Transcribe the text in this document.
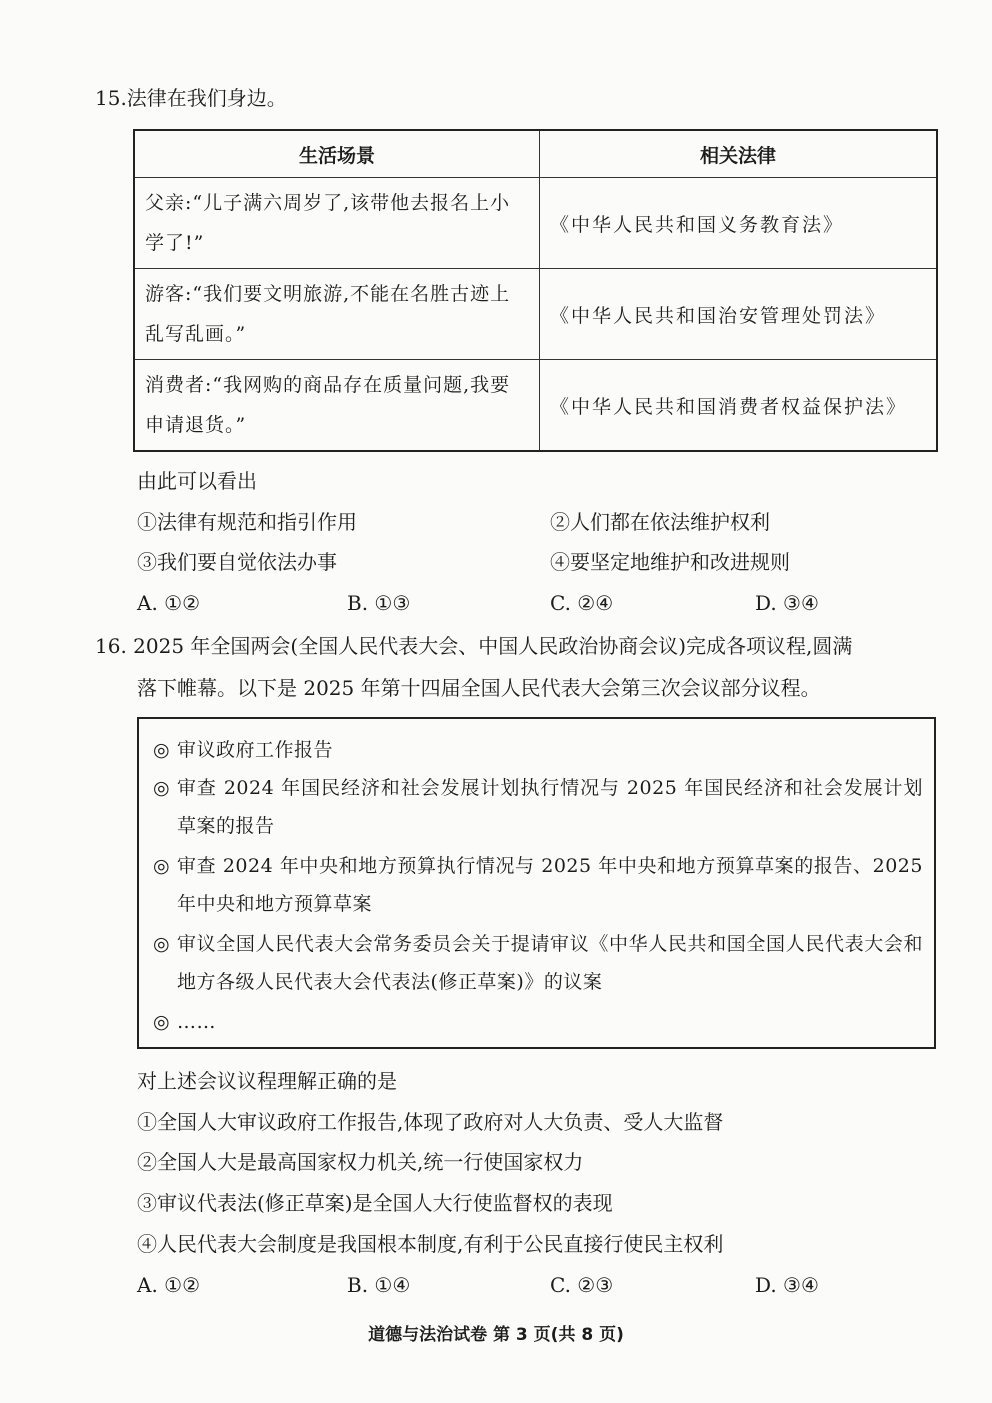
15.法律在我们身边。
生活场景	相关法律
父亲:“儿子满六周岁了,该带他去报名上小学了!”	《中华人民共和国义务教育法》
游客:“我们要文明旅游,不能在名胜古迹上乱写乱画。”	《中华人民共和国治安管理处罚法》
消费者:“我网购的商品存在质量问题,我要申请退货。”	《中华人民共和国消费者权益保护法》
由此可以看出
①法律有规范和指引作用	②人们都在依法维护权利
③我们要自觉依法办事	④要坚定地维护和改进规则
A. ①②	B. ①③	C. ②④	D. ③④
16. 2025 年全国两会(全国人民代表大会、中国人民政治协商会议)完成各项议程,圆满
落下帷幕。以下是 2025 年第十四届全国人民代表大会第三次会议部分议程。
◎ 审议政府工作报告
◎ 审查 2024 年国民经济和社会发展计划执行情况与 2025 年国民经济和社会发展计划草案的报告
◎ 审查 2024 年中央和地方预算执行情况与 2025 年中央和地方预算草案的报告、2025 年中央和地方预算草案
◎ 审议全国人民代表大会常务委员会关于提请审议《中华人民共和国全国人民代表大会和地方各级人民代表大会代表法(修正草案)》的议案
◎ ……
对上述会议议程理解正确的是
①全国人大审议政府工作报告,体现了政府对人大负责、受人大监督
②全国人大是最高国家权力机关,统一行使国家权力
③审议代表法(修正草案)是全国人大行使监督权的表现
④人民代表大会制度是我国根本制度,有利于公民直接行使民主权利
A. ①②	B. ①④	C. ②③	D. ③④
道德与法治试卷 第 3 页(共 8 页)
